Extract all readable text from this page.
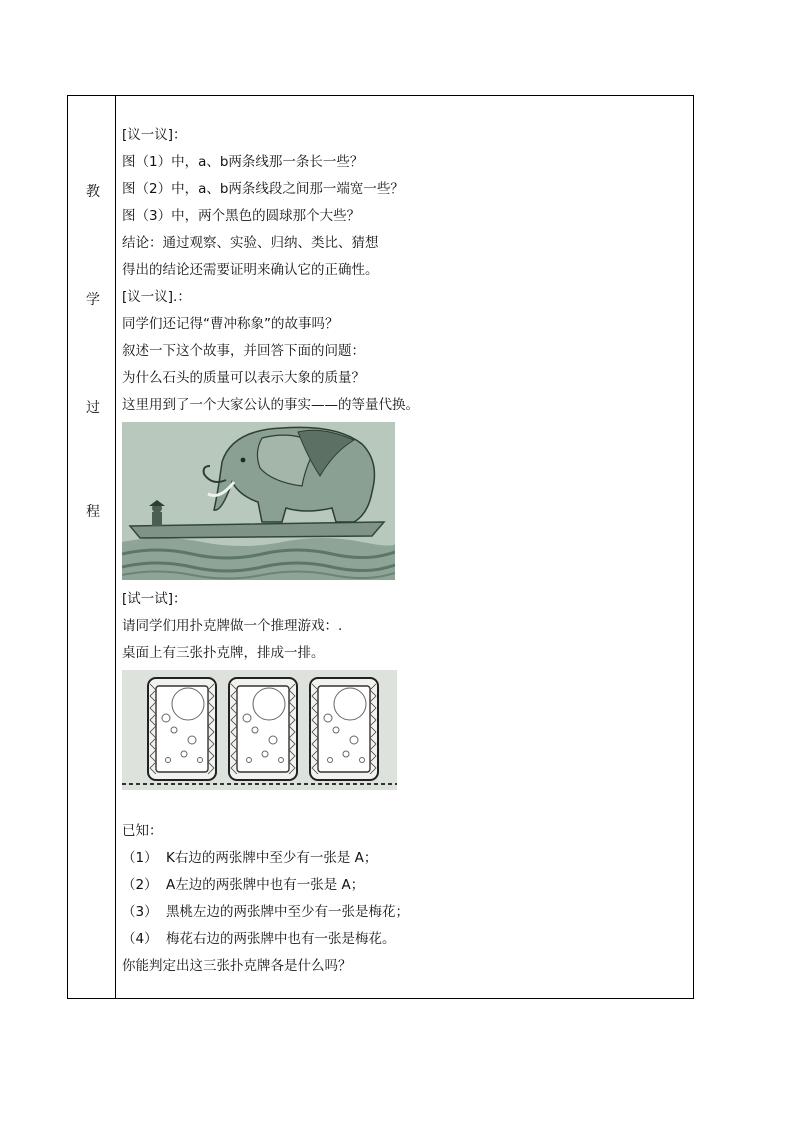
教
学
过
程
[议一议]：
图（1）中，a、b两条线那一条长一些？
图（2）中，a、b两条线段之间那一端宽一些？
图（3）中，两个黑色的圆球那个大些？
结论：通过观察、实验、归纳、类比、猜想
得出的结论还需要证明来确认它的正确性。
[议一议].：
同学们还记得“曹冲称象”的故事吗？
叙述一下这个故事，并回答下面的问题：
为什么石头的质量可以表示大象的质量？
这里用到了一个大家公认的事实——的等量代换。
[试一试]：
请同学们用扑克牌做一个推理游戏：.
桌面上有三张扑克牌，排成一排。
已知：
（1） K右边的两张牌中至少有一张是 A；
（2） A左边的两张牌中也有一张是 A；
（3） 黑桃左边的两张牌中至少有一张是梅花；
（4） 梅花右边的两张牌中也有一张是梅花。
你能判定出这三张扑克牌各是什么吗？
